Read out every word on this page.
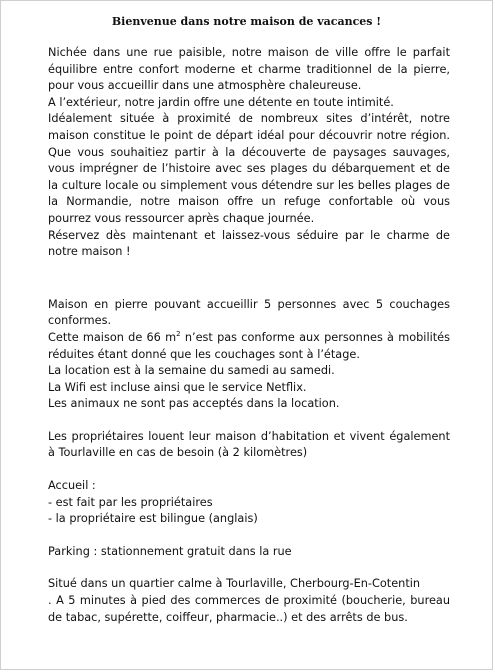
Bienvenue dans notre maison de vacances !

Nichée dans une rue paisible, notre maison de ville offre le parfait équilibre entre confort moderne et charme traditionnel de la pierre, pour vous accueillir dans une atmosphère chaleureuse.

A l’extérieur, notre jardin offre une détente en toute intimité.

Idéalement située à proximité de nombreux sites d’intérêt, notre maison constitue le point de départ idéal pour découvrir notre région. Que vous souhaitiez partir à la découverte de paysages sauvages, vous imprégner de l’histoire avec ses plages du débarquement et de la culture locale ou simplement vous détendre sur les belles plages de la Normandie, notre maison offre un refuge confortable où vous pourrez vous ressourcer après chaque journée.

Réservez dès maintenant et laissez-vous séduire par le charme de notre maison !

Maison en pierre pouvant accueillir 5 personnes avec 5 couchages conformes.

Cette maison de 66 $m^2$ n’est pas conforme aux personnes à mobilités réduites étant donné que les couchages sont à l’étage.

La location est à la semaine du samedi au samedi.

La Wifi est incluse ainsi que le service Netflix.

Les animaux ne sont pas acceptés dans la location.

Les propriétaires louent leur maison d’habitation et vivent également à Tourlaville en cas de besoin (à 2 kilomètres)

Accueil :

- est fait par les propriétaires

- la propriétaire est bilingue (anglais)

Parking : stationnement gratuit dans la rue

Situé dans un quartier calme à Tourlaville, Cherbourg-En-Cotentin

. A 5 minutes à pied des commerces de proximité (boucherie, bureau de tabac, supérette, coiffeur, pharmacie..) et des arrêts de bus.
